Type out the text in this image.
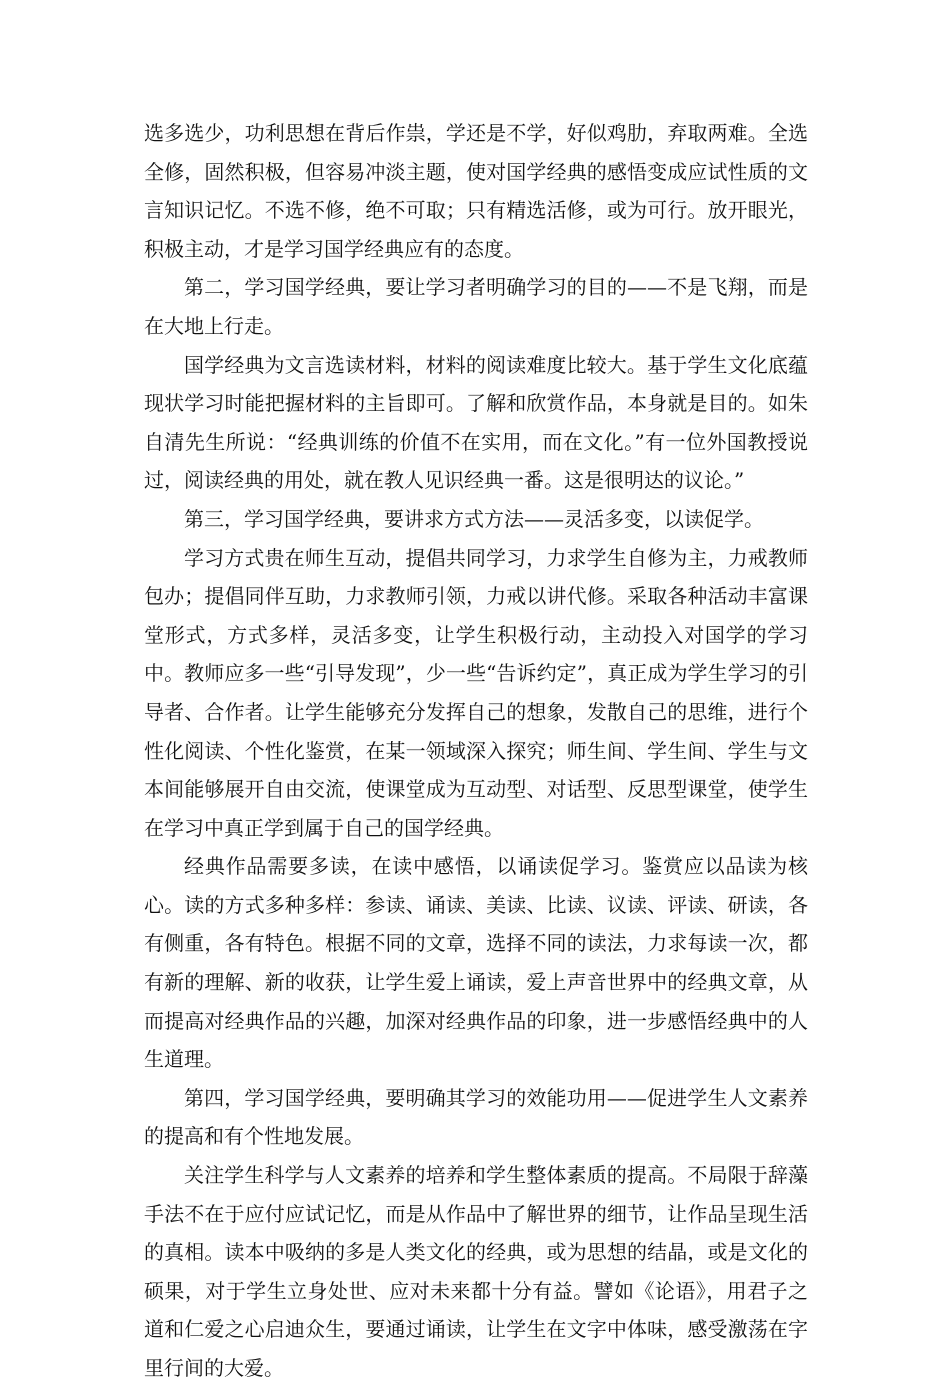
选多选少，功利思想在背后作祟，学还是不学，好似鸡肋，弃取两难。全选全修，固然积极，但容易冲淡主题，使对国学经典的感悟变成应试性质的文言知识记忆。不选不修，绝不可取；只有精选活修，或为可行。放开眼光，积极主动，才是学习国学经典应有的态度。

第二，学习国学经典，要让学习者明确学习的目的——不是飞翔，而是在大地上行走。

国学经典为文言选读材料，材料的阅读难度比较大。基于学生文化底蕴现状学习时能把握材料的主旨即可。了解和欣赏作品，本身就是目的。如朱自清先生所说：“经典训练的价值不在实用，而在文化。”有一位外国教授说过，阅读经典的用处，就在教人见识经典一番。这是很明达的议论。”

第三，学习国学经典，要讲求方式方法——灵活多变，以读促学。

学习方式贵在师生互动，提倡共同学习，力求学生自修为主，力戒教师包办；提倡同伴互助，力求教师引领，力戒以讲代修。采取各种活动丰富课堂形式，方式多样，灵活多变，让学生积极行动，主动投入对国学的学习中。教师应多一些“引导发现”，少一些“告诉约定”，真正成为学生学习的引导者、合作者。让学生能够充分发挥自己的想象，发散自己的思维，进行个性化阅读、个性化鉴赏，在某一领域深入探究；师生间、学生间、学生与文本间能够展开自由交流，使课堂成为互动型、对话型、反思型课堂，使学生在学习中真正学到属于自己的国学经典。

经典作品需要多读，在读中感悟，以诵读促学习。鉴赏应以品读为核心。读的方式多种多样：参读、诵读、美读、比读、议读、评读、研读，各有侧重，各有特色。根据不同的文章，选择不同的读法，力求每读一次，都有新的理解、新的收获，让学生爱上诵读，爱上声音世界中的经典文章，从而提高对经典作品的兴趣，加深对经典作品的印象，进一步感悟经典中的人生道理。

第四，学习国学经典，要明确其学习的效能功用——促进学生人文素养的提高和有个性地发展。

关注学生科学与人文素养的培养和学生整体素质的提高。不局限于辞藻手法不在于应付应试记忆，而是从作品中了解世界的细节，让作品呈现生活的真相。读本中吸纳的多是人类文化的经典，或为思想的结晶，或是文化的硕果，对于学生立身处世、应对未来都十分有益。譬如《论语》，用君子之道和仁爱之心启迪众生，要通过诵读，让学生在文字中体味，感受激荡在字里行间的大爱。
